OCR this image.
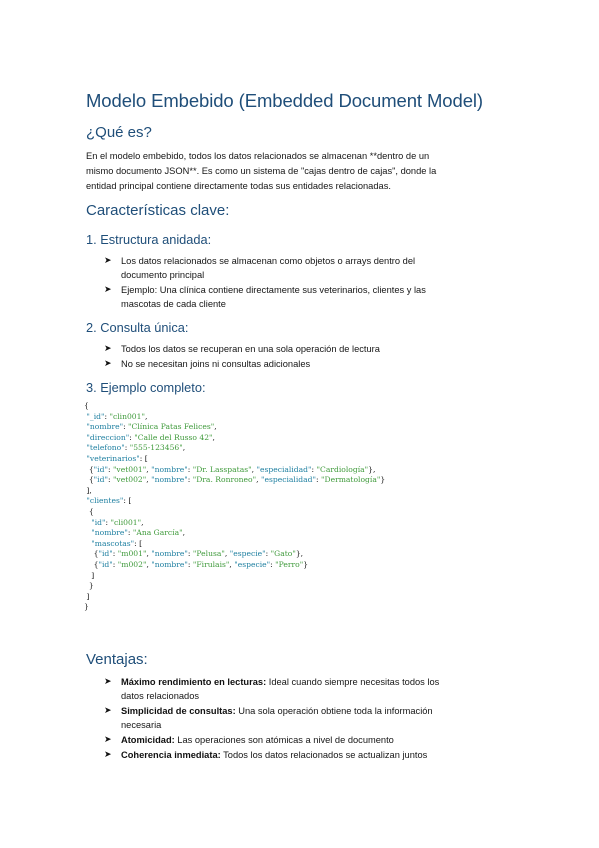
Modelo Embebido (Embedded Document Model)
¿Qué es?
En el modelo embebido, todos los datos relacionados se almacenan **dentro de un
mismo documento JSON**. Es como un sistema de "cajas dentro de cajas", donde la
entidad principal contiene directamente todas sus entidades relacionadas.
Características clave:
1. Estructura anidada:
➤ Los datos relacionados se almacenan como objetos o arrays dentro del
documento principal
➤ Ejemplo: Una clínica contiene directamente sus veterinarios, clientes y las
mascotas de cada cliente
2. Consulta única:
➤ Todos los datos se recuperan en una sola operación de lectura
➤ No se necesitan joins ni consultas adicionales
3. Ejemplo completo:
{
"_id": "clin001",
"nombre": "Clínica Patas Felices",
"direccion": "Calle del Russo 42",
"telefono": "555-123456",
"veterinarios": [
{"id": "vet001", "nombre": "Dr. Lasspatas", "especialidad": "Cardiología"},
{"id": "vet002", "nombre": "Dra. Ronroneo", "especialidad": "Dermatología"}
],
"clientes": [
{
"id": "cli001",
"nombre": "Ana García",
"mascotas": [
{"id": "m001", "nombre": "Pelusa", "especie": "Gato"},
{"id": "m002", "nombre": "Firulais", "especie": "Perro"}
]
}
]
}
Ventajas:
➤ Máximo rendimiento en lecturas: Ideal cuando siempre necesitas todos los
datos relacionados
➤ Simplicidad de consultas: Una sola operación obtiene toda la información
necesaria
➤ Atomicidad: Las operaciones son atómicas a nivel de documento
➤ Coherencia inmediata: Todos los datos relacionados se actualizan juntos
